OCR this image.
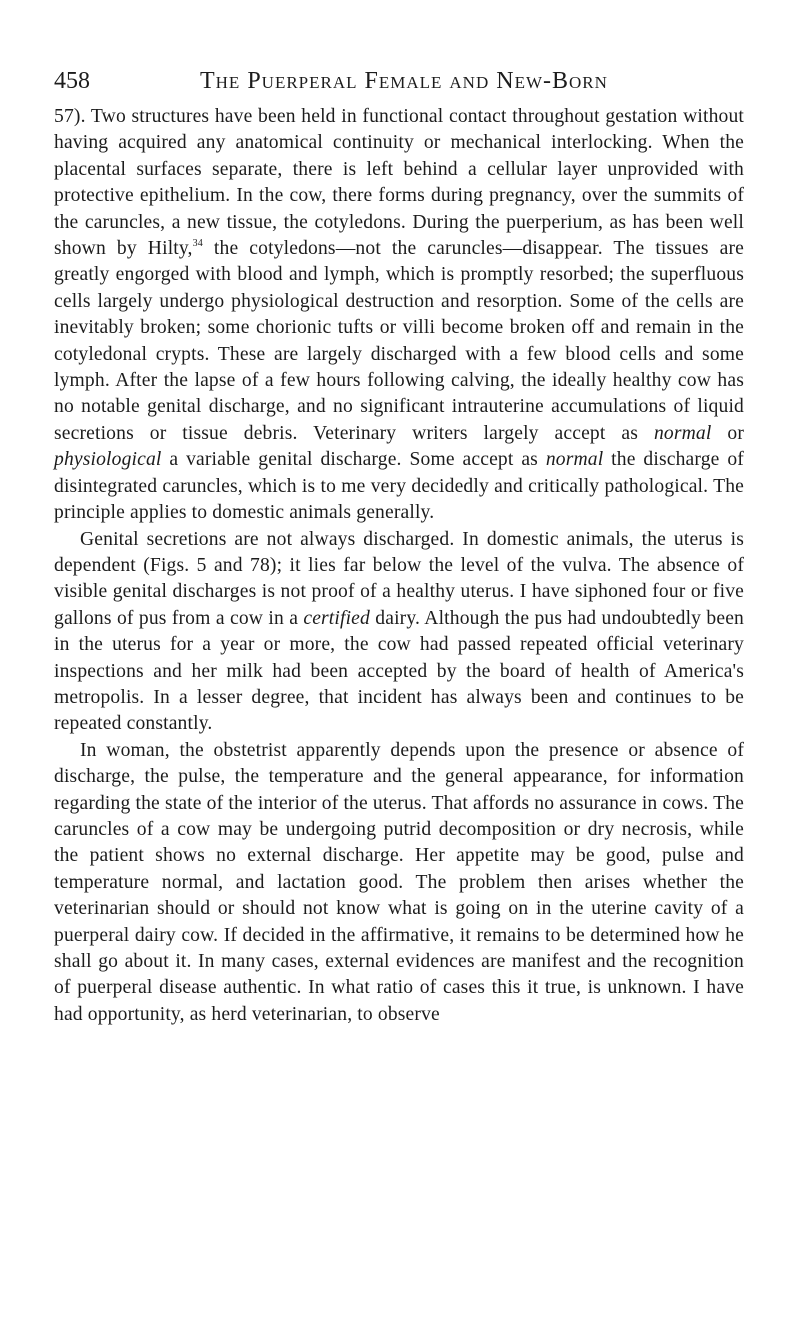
458	The Puerperal Female and New-Born

57). Two structures have been held in functional contact throughout gestation without having acquired any anatomical continuity or mechanical interlocking. When the placental surfaces separate, there is left behind a cellular layer unprovided with protective epithelium. In the cow, there forms during pregnancy, over the summits of the caruncles, a new tissue, the cotyledons. During the puerperium, as has been well shown by Hilty,$^{34}$ the cotyledons—not the caruncles—disappear. The tissues are greatly engorged with blood and lymph, which is promptly resorbed; the superfluous cells largely undergo physiological destruction and resorption. Some of the cells are inevitably broken; some chorionic tufts or villi become broken off and remain in the cotyledonal crypts. These are largely discharged with a few blood cells and some lymph. After the lapse of a few hours following calving, the ideally healthy cow has no notable genital discharge, and no significant intrauterine accumulations of liquid secretions or tissue debris. Veterinary writers largely accept as normal or physiological a variable genital discharge. Some accept as normal the discharge of disintegrated caruncles, which is to me very decidedly and critically pathological. The principle applies to domestic animals generally.

Genital secretions are not always discharged. In domestic animals, the uterus is dependent (Figs. 5 and 78); it lies far below the level of the vulva. The absence of visible genital discharges is not proof of a healthy uterus. I have siphoned four or five gallons of pus from a cow in a certified dairy. Although the pus had undoubtedly been in the uterus for a year or more, the cow had passed repeated official veterinary inspections and her milk had been accepted by the board of health of America's metropolis. In a lesser degree, that incident has always been and continues to be repeated constantly.

In woman, the obstetrist apparently depends upon the presence or absence of discharge, the pulse, the temperature and the general appearance, for information regarding the state of the interior of the uterus. That affords no assurance in cows. The caruncles of a cow may be undergoing putrid decomposition or dry necrosis, while the patient shows no external discharge. Her appetite may be good, pulse and temperature normal, and lactation good. The problem then arises whether the veterinarian should or should not know what is going on in the uterine cavity of a puerperal dairy cow. If decided in the affirmative, it remains to be determined how he shall go about it. In many cases, external evidences are manifest and the recognition of puerperal disease authentic. In what ratio of cases this it true, is unknown. I have had opportunity, as herd veterinarian, to observe
